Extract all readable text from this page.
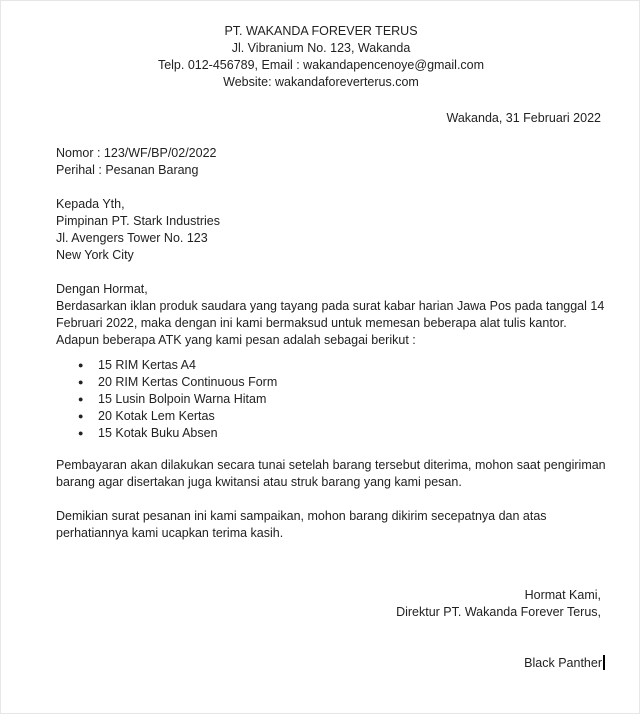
PT. WAKANDA FOREVER TERUS
Jl. Vibranium No. 123, Wakanda
Telp. 012-456789, Email : wakandapencenoye@gmail.com
Website: wakandaforeverterus.com
Wakanda, 31 Februari 2022
Nomor : 123/WF/BP/02/2022
Perihal : Pesanan Barang
Kepada Yth,
Pimpinan PT. Stark Industries
Jl. Avengers Tower No. 123
New York City

Dengan Hormat,

Berdasarkan iklan produk saudara yang tayang pada surat kabar harian Jawa Pos pada tanggal 14 Februari 2022, maka dengan ini kami bermaksud untuk memesan beberapa alat tulis kantor. Adapun beberapa ATK yang kami pesan adalah sebagai berikut :

● 15 RIM Kertas A4
● 20 RIM Kertas Continuous Form
● 15 Lusin Bolpoin Warna Hitam
● 20 Kotak Lem Kertas
● 15 Kotak Buku Absen

Pembayaran akan dilakukan secara tunai setelah barang tersebut diterima, mohon saat pengiriman barang agar disertakan juga kwitansi atau struk barang yang kami pesan.

Demikian surat pesanan ini kami sampaikan, mohon barang dikirim secepatnya dan atas perhatiannya kami ucapkan terima kasih.

Hormat Kami,
Direktur PT. Wakanda Forever Terus,
Black Panther
